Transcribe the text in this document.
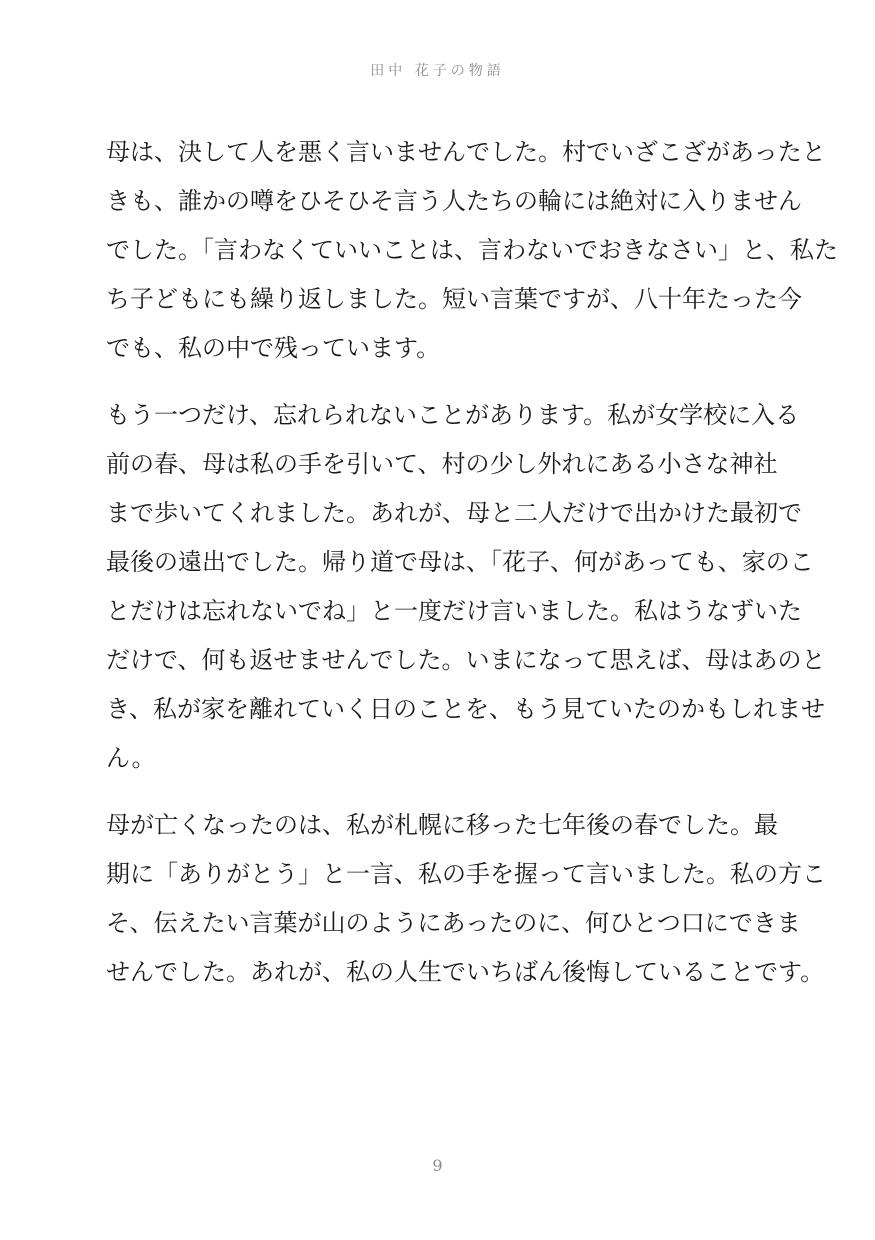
田中 花子の物語
母は、決して人を悪く言いませんでした。村でいざこざがあったと
きも、誰かの噂をひそひそ言う人たちの輪には絶対に入りません
でした。「言わなくていいことは、言わないでおきなさい」と、私た
ち子どもにも繰り返しました。短い言葉ですが、八十年たった今
でも、私の中で残っています。
もう一つだけ、忘れられないことがあります。私が女学校に入る
前の春、母は私の手を引いて、村の少し外れにある小さな神社
まで歩いてくれました。あれが、母と二人だけで出かけた最初で
最後の遠出でした。帰り道で母は、「花子、何があっても、家のこ
とだけは忘れないでね」と一度だけ言いました。私はうなずいた
だけで、何も返せませんでした。いまになって思えば、母はあのと
き、私が家を離れていく日のことを、もう見ていたのかもしれませ
ん。
母が亡くなったのは、私が札幌に移った七年後の春でした。最
期に「ありがとう」と一言、私の手を握って言いました。私の方こ
そ、伝えたい言葉が山のようにあったのに、何ひとつ口にできま
せんでした。あれが、私の人生でいちばん後悔していることです。
9
